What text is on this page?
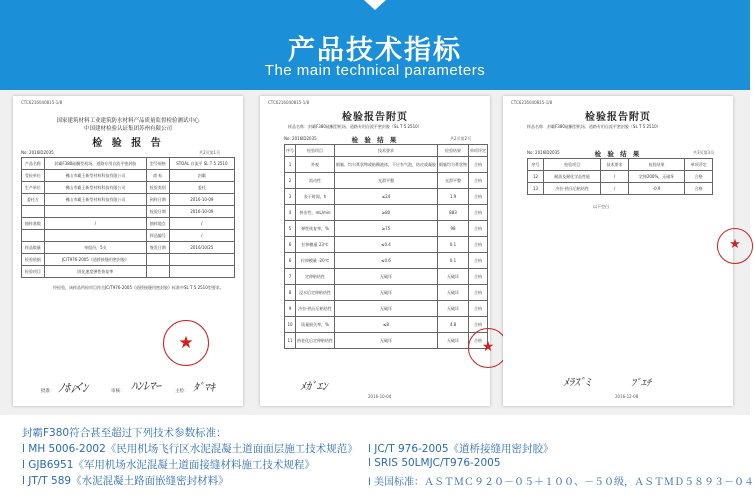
产品技术指标
The main technical parameters
CTC6216040815-1/8
国家建筑材料工业建筑防水材料产品质量监督检验测试中心
中国建材检验认证集团苏州有限公司
检 验 报 告
No: 2016ID2035	共2页第1页
产品名称	封霸F380硅酮型机场、道路专用自流平密封胶	型号规格	STOAL 自流平 SL T 5 2510
受检单位	佛山市霸王新型材料科技有限公司	商 标	封霸
生产单位	佛山市霸王新型材料科技有限公司	检验类别	委托
委托方	佛山市霸王新型材料科技有限公司	到样日期	2016-10-09
		检验日期	2016-10-09
抽样基数	/	抽样地点	/
		样品编号	/
样品数量	单组份，5支	签发日期	2016/10/25
检验依据	JC/T976-2005《道桥接缝用密封胶》		
检验项目	固化速度弹性恢复率		
经检验，该样品所检项目符合JC/T976-2005《道桥接缝用密封胶》标准中SL T 5 2510型要求。
★
批准：	审核：	主检：
ﾉﾎ〆ﾝ	ﾊﾝﾚﾏｰ	ﾀﾞﾏｷ
CTC6216040815-1/8
检验报告附页
样品名称：封霸F380硅酮型机场、道路专用自流平密封胶（SL T 5 2510）
No: 2016ID2035	检 验 结 果	共2页第2页
序号	检验项目	技术要求	检验结果	单项评定
1	外观	细腻、均匀膏状物或粘稠液体，不应有气泡、结皮或凝胶	细腻均匀膏状物	合格
2	流动性	光滑平整	光滑平整	合格
3	表干时间，h	≤24	1.9	合格
4	挤出性，mL/min	≥80	883	合格
5	弹性恢复率，%	≥75	98	合格
6	拉伸模量 23℃	≤0.4	0.1	合格
6	拉伸模量 -20℃	≤0.6	0.1	合格
7	定伸粘结性	无破坏	无破坏	合格
8	浸水后定伸粘结性	无破坏	无破坏	合格
9	冷拉-热压后粘结性	无破坏	无破坏	合格
10	质量损失率，%	≤8	4.8	合格
11	热老化后定伸粘结性	无破坏	无破坏	合格 ★
ﾒｶﾞｴﾝ
2016-10-04
CTC6216040815-1/8
检验报告附页
样品名称：封霸F380硅酮型机场、道路专用自流平密封胶（SL T 5 2510）
No: 2016ID2035	检 验 结 果	共3页第3页
序号	检验项目	技术要求	检验结果	单项评定
12	耐油及耐化学品性能	/	定伸200%，无破坏	合格
13	冷拉-热压后粘结性	/	-0.9	合格
以下空白
★
ﾒﾗｽﾞﾐ	ﾌﾟｴﾁ
2016-12-08
封霸F380符合甚至超过下列技术参数标准：
l MH 5006-2002《民用机场飞行区水泥混凝土道面面层施工技术规范》
l GJB6951《军用机场水泥混凝土道面接缝材料施工技术规程》
l JT/T 589《水泥混凝土路面嵌缝密封材料》
l JC/T 976-2005《道桥接缝用密封胶》
l SRIS 50LMJC/T976-2005
l 美国标准：ＡＳＴＭＣ９２０－０５＋１００、－５０级，ＡＳＴＭＤ５８９３－０４
